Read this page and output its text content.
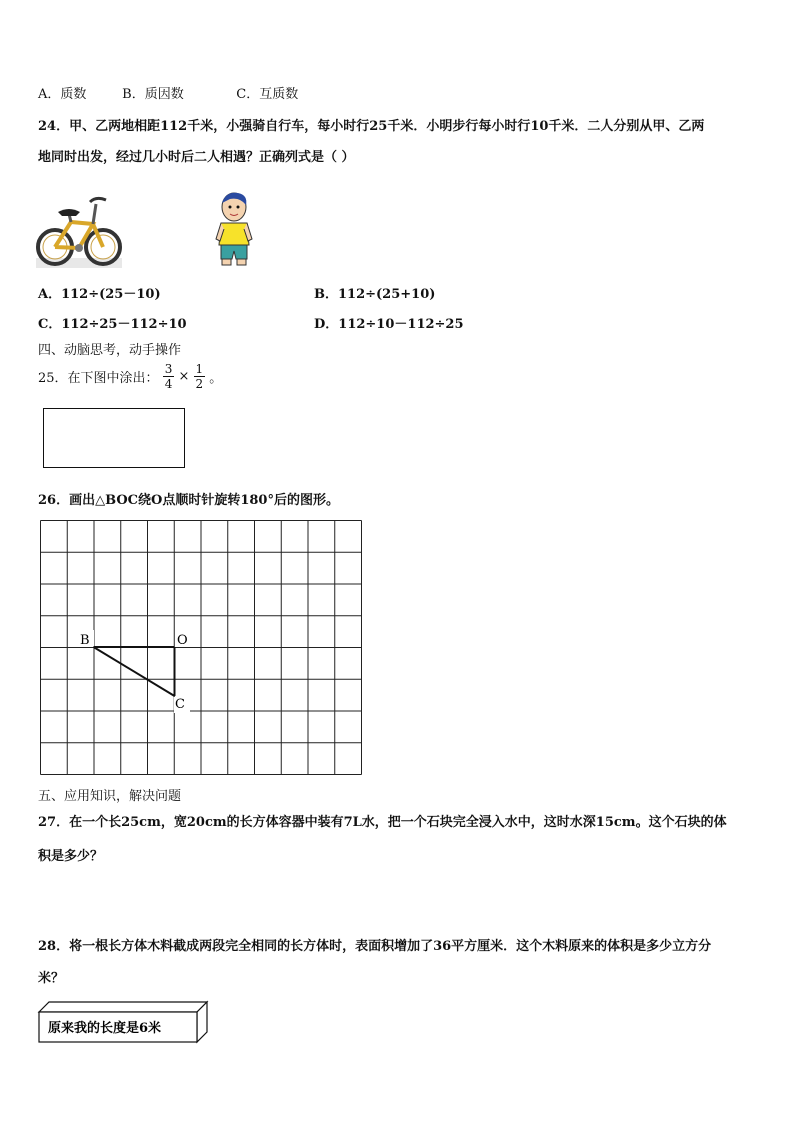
A．质数	B．质因数	C．互质数
24．甲、乙两地相距112千米，小强骑自行车，每小时行25千米．小明步行每小时行10千米．二人分别从甲、乙两
地同时出发，经过几小时后二人相遇？正确列式是（ ）
A．112÷(25－10)	B．112÷(25+10)
C．112÷25－112÷10	D．112÷10－112÷25
四、动脑思考，动手操作
25．在下图中涂出： $\frac{3}{4} \times \frac{1}{2}$ 。
26．画出△BOC绕O点顺时针旋转180°后的图形。
B	O
C
五、应用知识，解决问题
27．在一个长25cm，宽20cm的长方体容器中装有7L水，把一个石块完全浸入水中，这时水深15cm。这个石块的体
积是多少？
28．将一根长方体木料截成两段完全相同的长方体时，表面积增加了36平方厘米．这个木料原来的体积是多少立方分
米？
原来我的长度是6米
